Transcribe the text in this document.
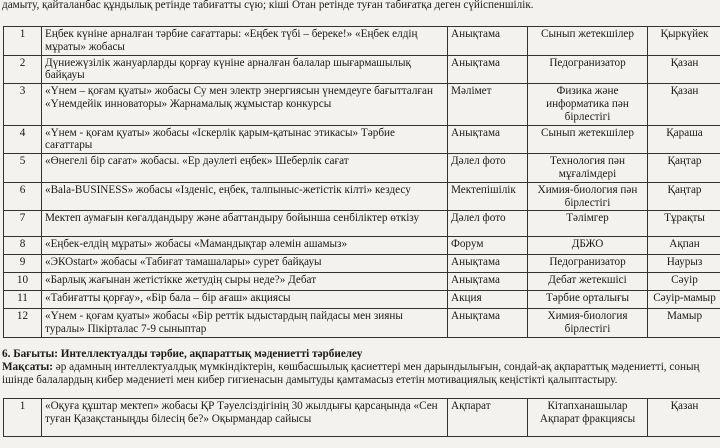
дамыту, қайталанбас құндылық ретінде табиғатты сүю; кіші Отан ретінде туған табиғатқа деген сүйіспеншілік.
1	Еңбек күніне арналған тәрбие сағаттары: «Еңбек түбі – береке!» «Еңбек елдің мұраты» жобасы	Анықтама	Сынып жетекшілер	Қыркүйек
2	Дүниежүзілік жануарларды қорғау күніне арналған балалар шығармашылық байқауы	Анықтама	Педогранизатор	Қазан
3	«Үнем – қоғам қуаты» жобасы Су мен электр энергиясын үнемдеуге бағытталған «Үнемдейік инноваторы» Жарнамалық жұмыстар конкурсы	Мәлімет	Физика және информатика пән бірлестігі	Қазан
4	«Үнем - қоғам қуаты» жобасы «Іскерлік қарым-қатынас этикасы» Тәрбие сағаттары	Анықтама	Сынып жетекшілер	Қараша
5	«Өнегелі бір сағат» жобасы. «Ер дәулеті еңбек» Шеберлік сағат	Дәлел фото	Технология пән мұғалімдері	Қаңтар
6	«Bala-BUSINESS» жобасы «Ізденіс, еңбек, талпыныс-жетістік кілті» кездесу	Мектепішілік	Химия-биология пән бірлестігі	Қаңтар
7	Мектеп аумағын көгалдандыру және абаттандыру бойынша сенбіліктер өткізу	Дәлел фото	Тәлімгер	Тұрақты
8	«Еңбек-елдің мұраты» жобасы «Мамандықтар әлемін ашамыз»	Форум	ДБЖО	Ақпан
9	«ЭКОstart» жобасы «Табиғат тамашалары» сурет байқауы	Анықтама	Педогранизатор	Наурыз
10	«Барлық жағынан жетістікке жетудің сыры неде?» Дебат	Анықтама	Дебат жетекшісі	Сәуір
11	«Табиғатты қорғау», «Бір бала – бір ағаш» акциясы	Акция	Тәрбие орталығы	Сәуір-мамыр
12	«Үнем - қоғам қуаты» жобасы «Бір реттік ыдыстардың пайдасы мен зияны туралы» Пікірталас 7-9 сыныптар	Анықтама	Химия-биология бірлестігі	Мамыр
6. Бағыты: Интеллектуалды тәрбие, ақпараттық мәдениетті тәрбиелеу
Мақсаты: әр адамның интеллектуалдық мүмкіндіктерін, көшбасшылық қасиеттері мен дарындылығын, сондай-ақ ақпараттық мәдениетті, соның ішінде балалардың кибер мәдениеті мен кибер гигиенасын дамытуды қамтамасыз ететін мотивациялық кеңістікті қалыптастыру.
1	«Оқуға құштар мектеп» жобасы ҚР Тәуелсіздігінің 30 жылдығы қарсаңында «Сен туған Қазақстаныңды білесің бе?» Оқырмандар сайысы	Ақпарат	Кітапханашылар Ақпарат фракциясы	Қазан
